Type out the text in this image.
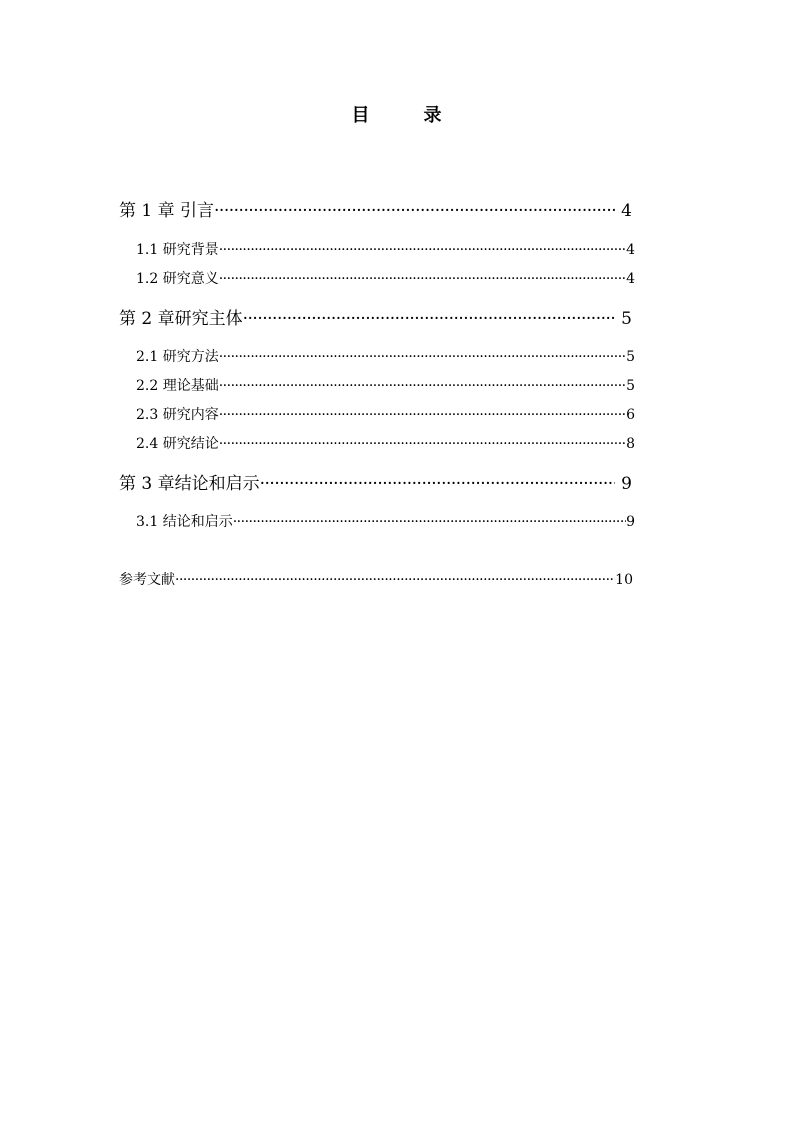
目　录
第 1 章 引言 ·····	4
1.1 研究背景 ·····	4
1.2 研究意义 ·····	4
第 2 章研究主体 ·····	5
2.1 研究方法 ·····	5
2.2 理论基础 ·····	5
2.3 研究内容 ·····	6
2.4 研究结论 ·····	8
第 3 章结论和启示 ·····	9
3.1 结论和启示 ·····	9
参考文献 ·····	10
